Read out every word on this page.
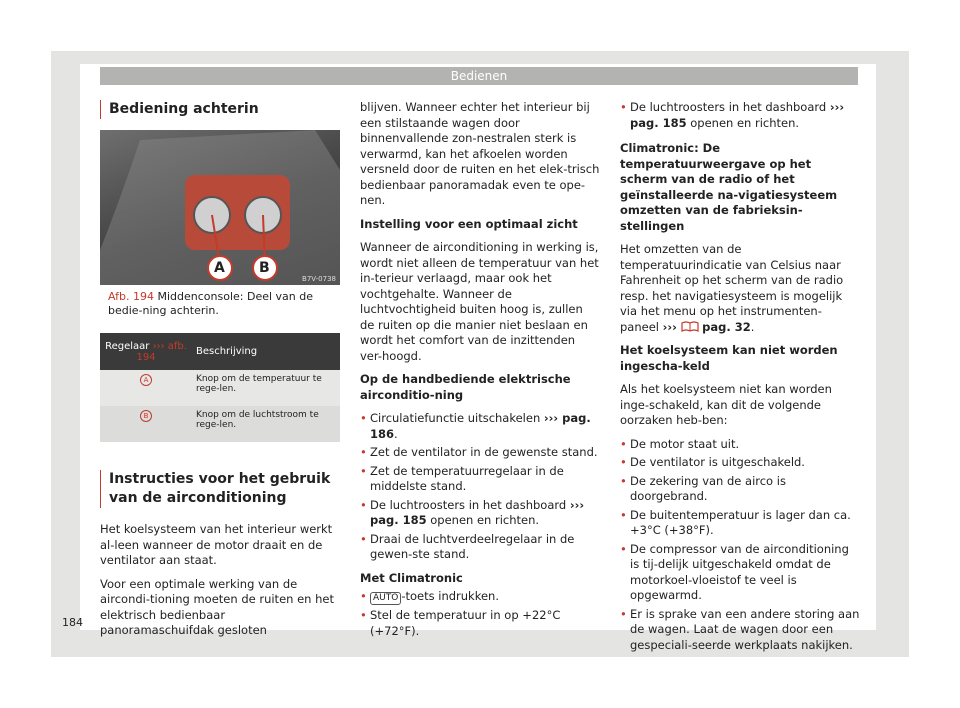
Bedienen
Bediening achterin
A B
B7V-0738
Afb. 194 Middenconsole: Deel van de bedie-ning achterin.
Regelaar ››› afb. 194	Beschrijving
A	Knop om de temperatuur te rege-len.
B	Knop om de luchtstroom te rege-len.
Instructies voor het gebruik van de airconditioning

Het koelsysteem van het interieur werkt al-leen wanneer de motor draait en de ventilator aan staat.

Voor een optimale werking van de aircondi-tioning moeten de ruiten en het elektrisch bedienbaar panoramaschuifdak gesloten

blijven. Wanneer echter het interieur bij een stilstaande wagen door binnenvallende zon-nestralen sterk is verwarmd, kan het afkoelen worden versneld door de ruiten en het elek-trisch bedienbaar panoramadak even te ope-nen.

Instelling voor een optimaal zicht

Wanneer de airconditioning in werking is, wordt niet alleen de temperatuur van het in-terieur verlaagd, maar ook het vochtgehalte. Wanneer de luchtvochtigheid buiten hoog is, zullen de ruiten op die manier niet beslaan en wordt het comfort van de inzittenden ver-hoogd.

Op de handbediende elektrische airconditio-ning

• Circulatiefunctie uitschakelen ››› pag. 186.
• Zet de ventilator in de gewenste stand.
• Zet de temperatuurregelaar in de middelste stand.
• De luchtroosters in het dashboard ››› pag. 185 openen en richten.
• Draai de luchtverdeelregelaar in de gewen-ste stand.

Met Climatronic

• AUTO -toets indrukken.
• Stel de temperatuur in op +22°C (+72°F).
• De luchtroosters in het dashboard ››› pag. 185 openen en richten.

Climatronic: De temperatuurweergave op het scherm van de radio of het geïnstalleerde na-vigatiesysteem omzetten van de fabrieksin-stellingen

Het omzetten van de temperatuurindicatie van Celsius naar Fahrenheit op het scherm van de radio resp. het navigatiesysteem is mogelijk via het menu op het instrumenten-paneel ››› pag. 32.

Het koelsysteem kan niet worden ingescha-keld

Als het koelsysteem niet kan worden inge-schakeld, kan dit de volgende oorzaken heb-ben:

• De motor staat uit.
• De ventilator is uitgeschakeld.
• De zekering van de airco is doorgebrand.
• De buitentemperatuur is lager dan ca. +3°C (+38°F).
• De compressor van de airconditioning is tij-delijk uitgeschakeld omdat de motorkoel-vloeistof te veel is opgewarmd.
• Er is sprake van een andere storing aan de wagen. Laat de wagen door een gespeciali-seerde werkplaats nakijken.
184
